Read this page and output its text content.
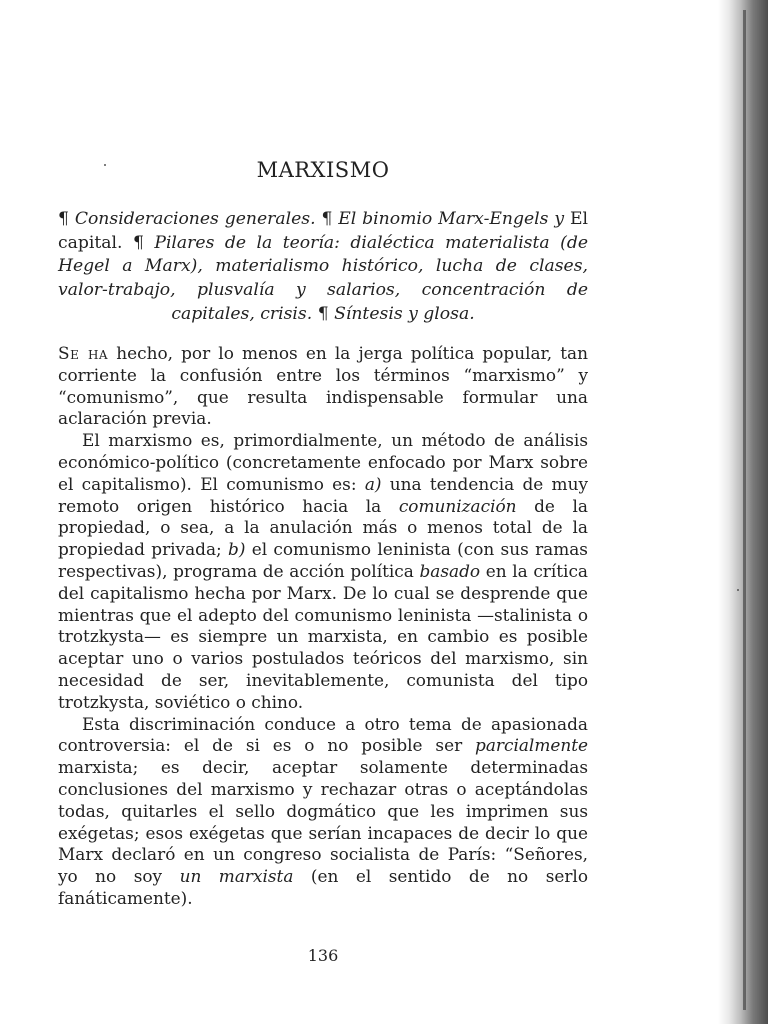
MARXISMO
¶ Consideraciones generales. ¶ El binomio Marx-Engels y El capital. ¶ Pilares de la teoría: dialéctica materialista (de Hegel a Marx), materialismo histórico, lucha de clases, valor-trabajo, plusvalía y salarios, concentración de capitales, crisis. ¶ Síntesis y glosa.

Se ha hecho, por lo menos en la jerga política popular, tan corriente la confusión entre los términos “marxismo” y “comunismo”, que resulta indispensable formular una aclaración previa.

El marxismo es, primordialmente, un método de análisis económico-político (concretamente enfocado por Marx sobre el capitalismo). El comunismo es: a) una tendencia de muy remoto origen histórico hacia la comunización de la propiedad, o sea, a la anulación más o menos total de la propiedad privada; b) el comunismo leninista (con sus ramas respectivas), programa de acción política basado en la crítica del capitalismo hecha por Marx. De lo cual se desprende que mientras que el adepto del comunismo leninista —stalinista o trotzkysta— es siempre un marxista, en cambio es posible aceptar uno o varios postulados teóricos del marxismo, sin necesidad de ser, inevitablemente, comunista del tipo trotzkysta, soviético o chino.

Esta discriminación conduce a otro tema de apasionada controversia: el de si es o no posible ser parcialmente marxista; es decir, aceptar solamente determinadas conclusiones del marxismo y rechazar otras o aceptándolas todas, quitarles el sello dogmático que les imprimen sus exégetas; esos exégetas que serían incapaces de decir lo que Marx declaró en un congreso socialista de París: “Señores, yo no soy un marxista (en el sentido de no serlo fanáticamente).

136
